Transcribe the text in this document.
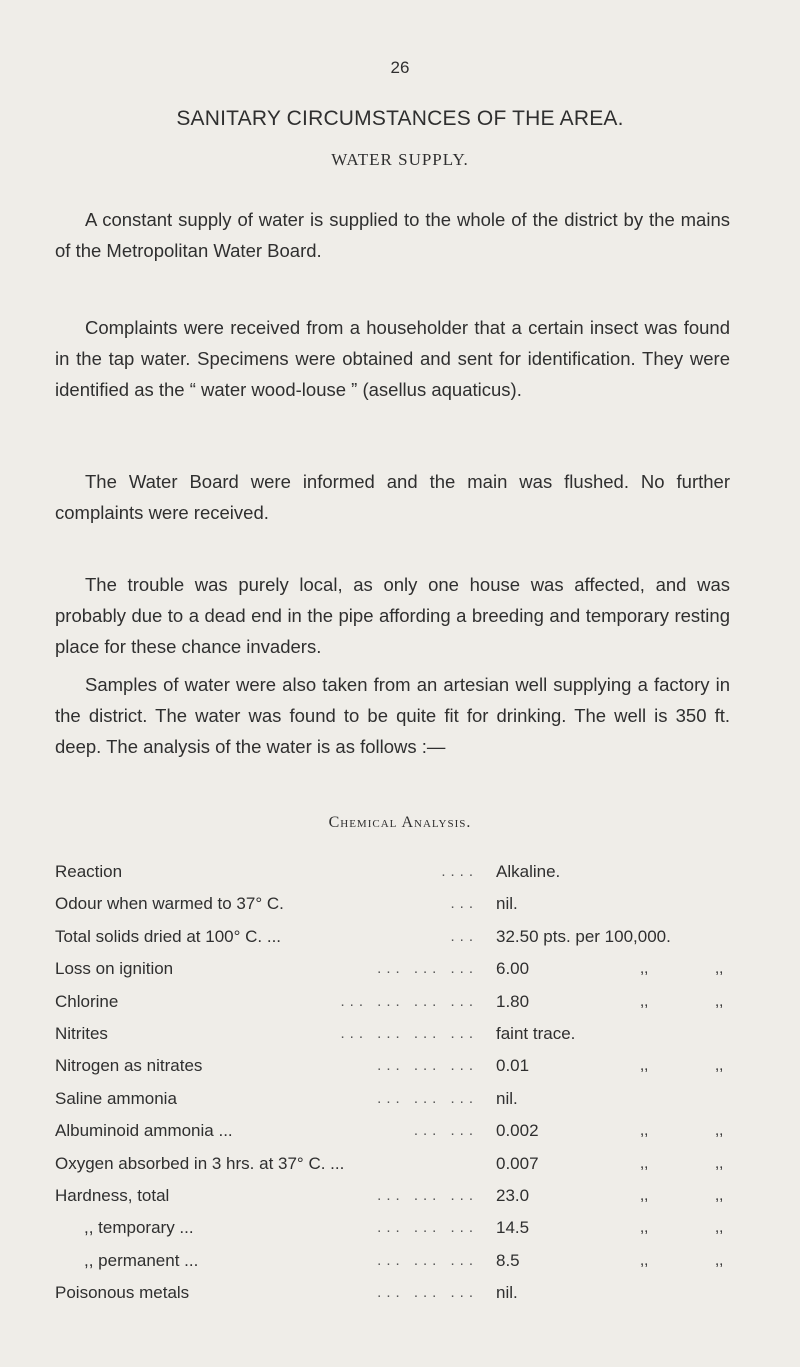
26
SANITARY CIRCUMSTANCES OF THE AREA.
WATER SUPPLY.

A constant supply of water is supplied to the whole of the district by the mains of the Metropolitan Water Board.

Complaints were received from a householder that a certain insect was found in the tap water. Specimens were obtained and sent for identification. They were identified as the “ water wood-louse ” (asellus aquaticus).

The Water Board were informed and the main was flushed. No further complaints were received.

The trouble was purely local, as only one house was affected, and was probably due to a dead end in the pipe affording a breeding and temporary resting place for these chance invaders.

Samples of water were also taken from an artesian well supplying a factory in the district. The water was found to be quite fit for drinking. The well is 350 ft. deep. The analysis of the water is as follows :—

Chemical Analysis.
Reaction	.... Alkaline.
Odour when warmed to 37° C.	... nil.
Total solids dried at 100° C. ...	... 32.50 pts. per 100,000.
Loss on ignition	... ... ... 6.00	,,	,,
Chlorine	... ... ... ... 1.80	,,	,,
Nitrites	... ... ... ... faint trace.
Nitrogen as nitrates	... ... ... 0.01	,,	,,
Saline ammonia	... ... ... nil.
Albuminoid ammonia ...	... ... 0.002	,,	,,
Oxygen absorbed in 3 hrs. at 37° C. ...	0.007	,,	,,
Hardness, total	... ... ... 23.0	,,	,,
,, temporary ...	... ... ... 14.5	,,	,,
,, permanent ...	... ... ... 8.5	,,	,,
Poisonous metals	... ... ... nil.
